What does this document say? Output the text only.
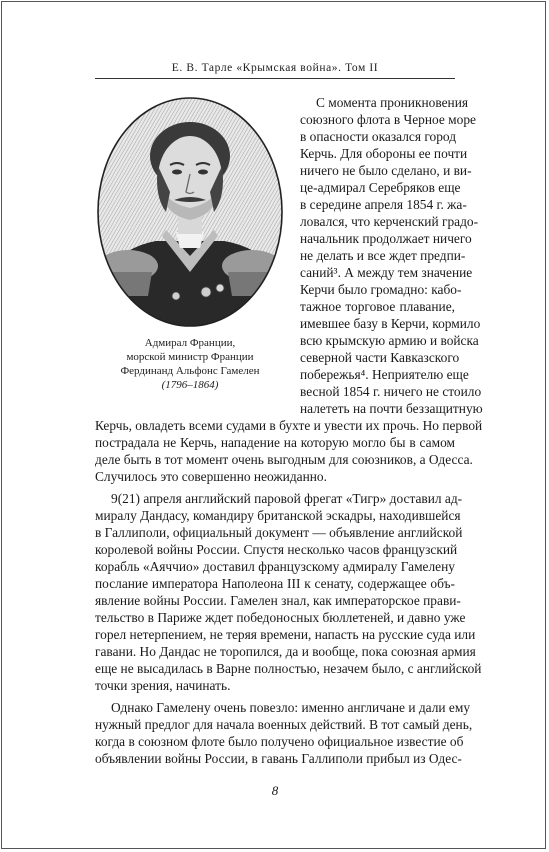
Е. В. Тарле «Крымская война». Том II
Адмирал Франции,
морской министр Франции
Фердинанд Альфонс Гамелен
(1796–1864)
С момента проникновения
союзного флота в Черное море
в опасности оказался город
Керчь. Для обороны ее почти
ничего не было сделано, и ви-
це-адмирал Серебряков еще
в середине апреля 1854 г. жа-
ловался, что керченский градо-
начальник продолжает ничего
не делать и все ждет предпи-
саний³. А между тем значение
Керчи было громадно: кабо-
тажное торговое плавание,
имевшее базу в Керчи, кормило
всю крымскую армию и войска
северной части Кавказского
побережья⁴. Неприятелю еще
весной 1854 г. ничего не стоило
налететь на почти беззащитную
Керчь, овладеть всеми судами в бухте и увести их прочь. Но первой
пострадала не Керчь, нападение на которую могло бы в самом
деле быть в тот момент очень выгодным для союзников, а Одесса.
Случилось это совершенно неожиданно.
9(21) апреля английский паровой фрегат «Тигр» доставил ад-
миралу Дандасу, командиру британской эскадры, находившейся
в Галлиполи, официальный документ — объявление английской
королевой войны России. Спустя несколько часов французский
корабль «Аяччио» доставил французскому адмиралу Гамелену
послание императора Наполеона III к сенату, содержащее объ-
явление войны России. Гамелен знал, как императорское прави-
тельство в Париже ждет победоносных бюллетеней, и давно уже
горел нетерпением, не теряя времени, напасть на русские суда или
гавани. Но Дандас не торопился, да и вообще, пока союзная армия
еще не высадилась в Варне полностью, незачем было, с английской
точки зрения, начинать.
Однако Гамелену очень повезло: именно англичане и дали ему
нужный предлог для начала военных действий. В тот самый день,
когда в союзном флоте было получено официальное известие об
объявлении войны России, в гавань Галлиполи прибыл из Одес-
8
